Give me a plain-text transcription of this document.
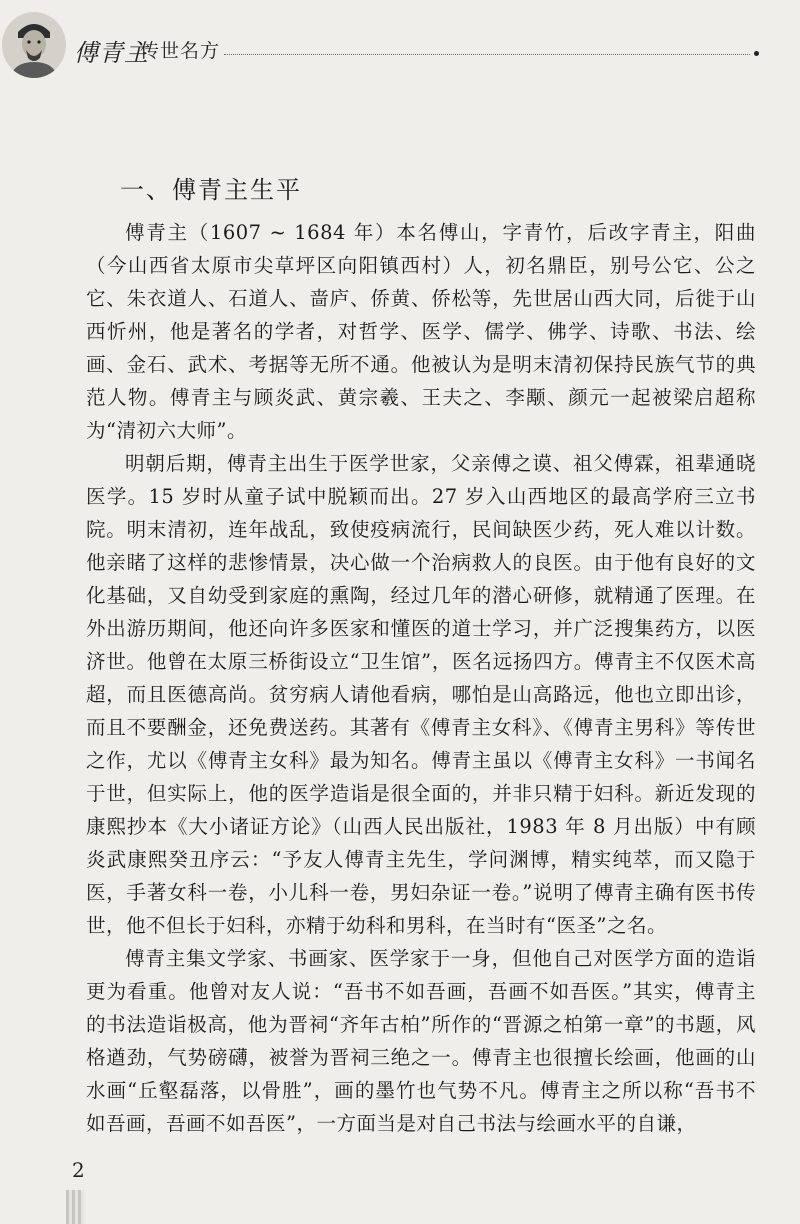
傅青主
传世名方
一、傅青主生平

傅青主（1607 ~ 1684 年）本名傅山，字青竹，后改字青主，阳曲（今山西省太原市尖草坪区向阳镇西村）人，初名鼎臣，别号公它、公之它、朱衣道人、石道人、啬庐、侨黄、侨松等，先世居山西大同，后徙于山西忻州，他是著名的学者，对哲学、医学、儒学、佛学、诗歌、书法、绘画、金石、武术、考据等无所不通。他被认为是明末清初保持民族气节的典范人物。傅青主与顾炎武、黄宗羲、王夫之、李颙、颜元一起被梁启超称为“清初六大师”。

明朝后期，傅青主出生于医学世家，父亲傅之谟、祖父傅霖，祖辈通晓医学。15 岁时从童子试中脱颖而出。27 岁入山西地区的最高学府三立书院。明末清初，连年战乱，致使疫病流行，民间缺医少药，死人难以计数。他亲睹了这样的悲惨情景，决心做一个治病救人的良医。由于他有良好的文化基础，又自幼受到家庭的熏陶，经过几年的潜心研修，就精通了医理。在外出游历期间，他还向许多医家和懂医的道士学习，并广泛搜集药方，以医济世。他曾在太原三桥街设立“卫生馆”，医名远扬四方。傅青主不仅医术高超，而且医德高尚。贫穷病人请他看病，哪怕是山高路远，他也立即出诊，而且不要酬金，还免费送药。其著有《傅青主女科》、《傅青主男科》等传世之作，尤以《傅青主女科》最为知名。傅青主虽以《傅青主女科》一书闻名于世，但实际上，他的医学造诣是很全面的，并非只精于妇科。新近发现的康熙抄本《大小诸证方论》（山西人民出版社，1983 年 8 月出版）中有顾炎武康熙癸丑序云：“予友人傅青主先生，学问渊博，精实纯萃，而又隐于医，手著女科一卷，小儿科一卷，男妇杂证一卷。”说明了傅青主确有医书传世，他不但长于妇科，亦精于幼科和男科，在当时有“医圣”之名。

傅青主集文学家、书画家、医学家于一身，但他自己对医学方面的造诣更为看重。他曾对友人说：“吾书不如吾画，吾画不如吾医。”其实，傅青主的书法造诣极高，他为晋祠“齐年古柏”所作的“晋源之柏第一章”的书题，风格遒劲，气势磅礴，被誉为晋祠三绝之一。傅青主也很擅长绘画，他画的山水画“丘壑磊落，以骨胜”，画的墨竹也气势不凡。傅青主之所以称“吾书不如吾画，吾画不如吾医”，一方面当是对自己书法与绘画水平的自谦，

2
